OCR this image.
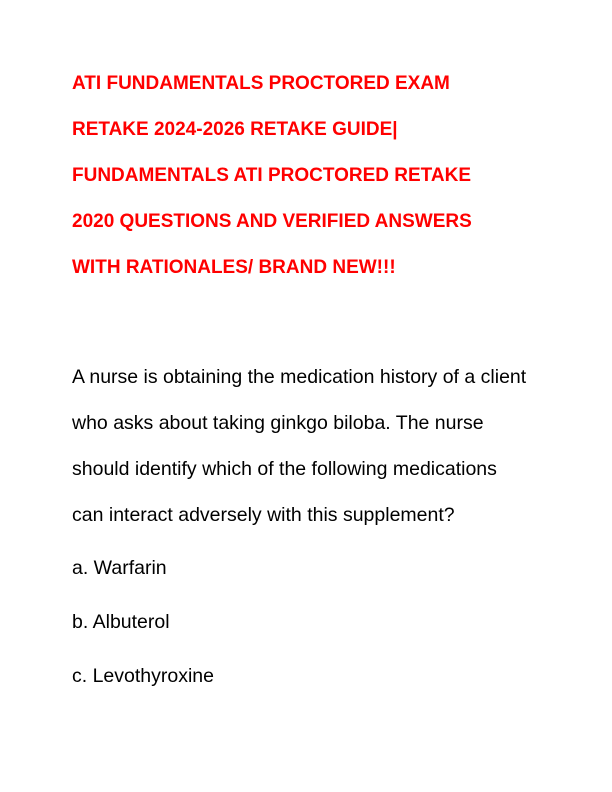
ATI FUNDAMENTALS PROCTORED EXAM

RETAKE 2024-2026 RETAKE GUIDE|

FUNDAMENTALS ATI PROCTORED RETAKE

2020 QUESTIONS AND VERIFIED ANSWERS

WITH RATIONALES/ BRAND NEW!!!

A nurse is obtaining the medication history of a client

who asks about taking ginkgo biloba. The nurse

should identify which of the following medications

can interact adversely with this supplement?

a. Warfarin

b. Albuterol

c. Levothyroxine
